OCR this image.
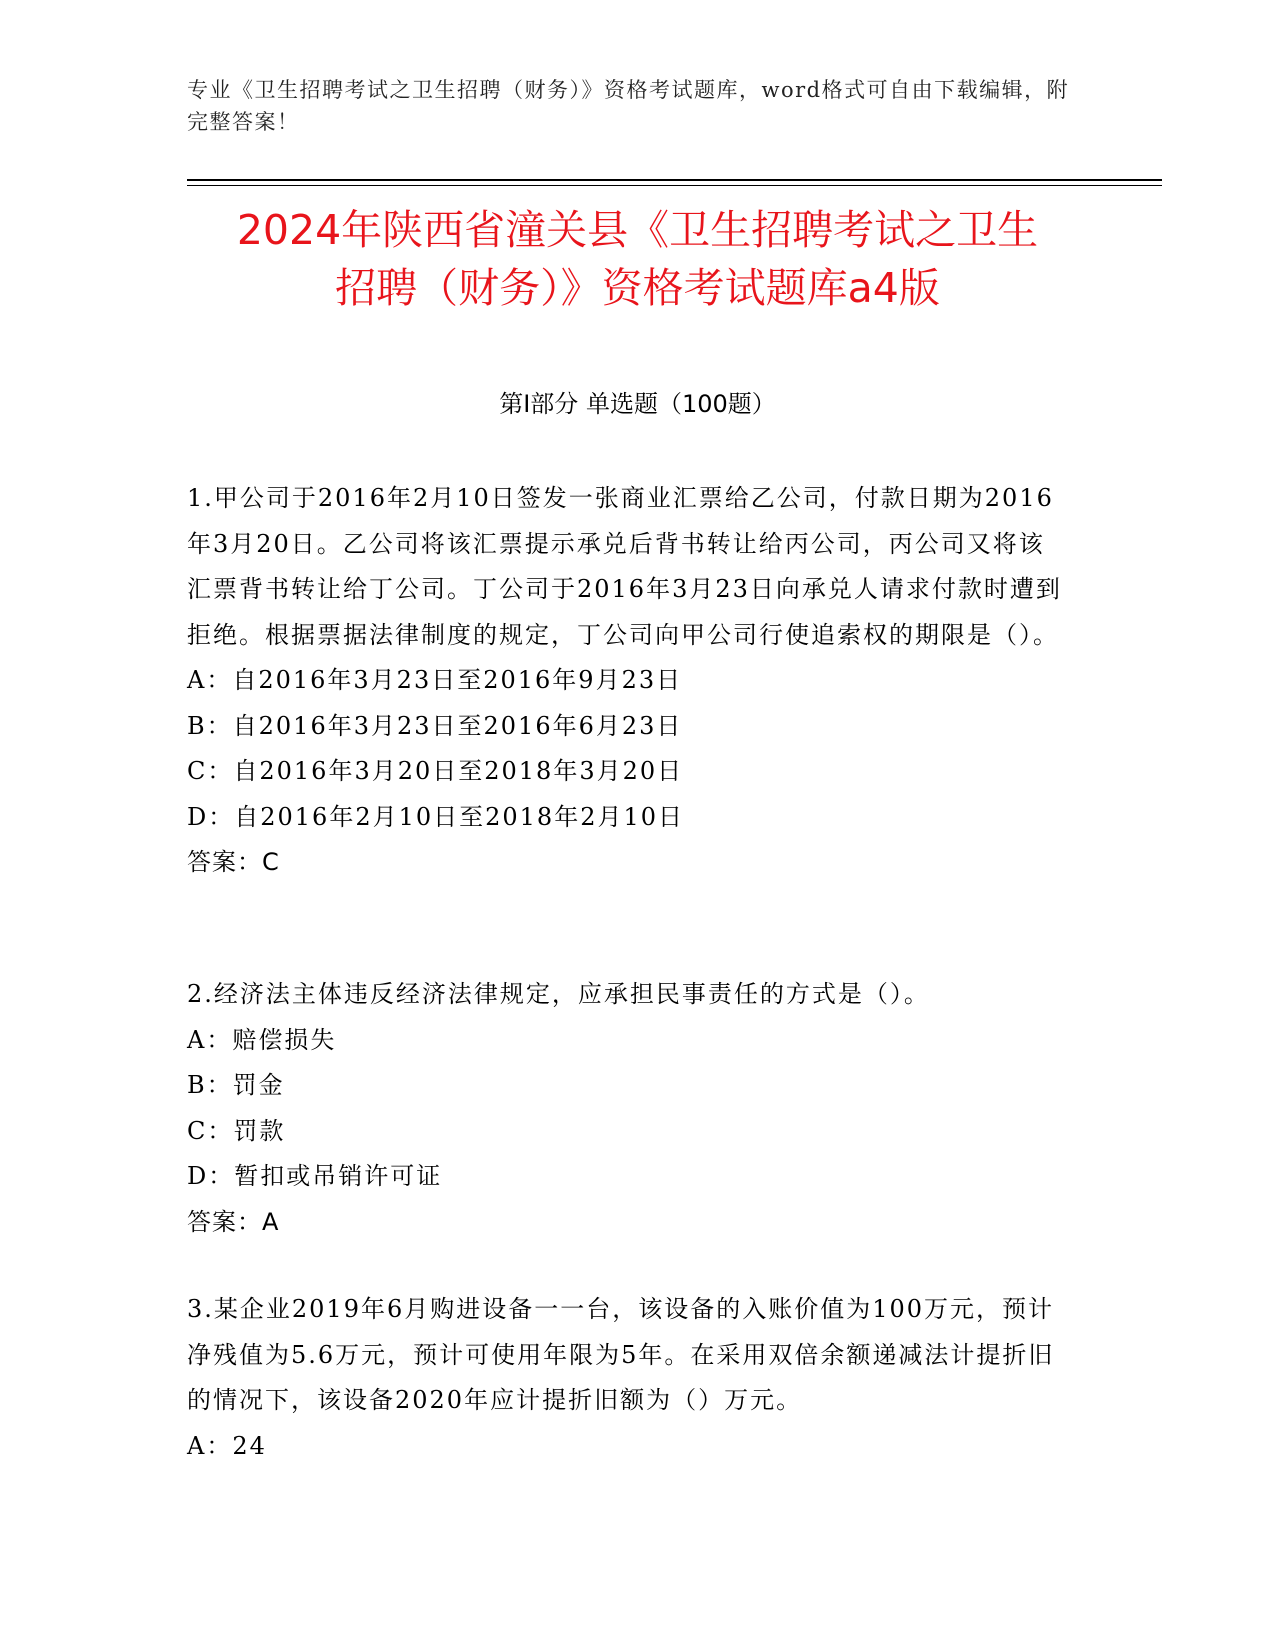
专业《卫生招聘考试之卫生招聘（财务）》资格考试题库，word格式可自由下载编辑，附完整答案！
2024年陕西省潼关县《卫生招聘考试之卫生
招聘（财务）》资格考试题库a4版
第Ⅰ部分 单选题（100题）

1.甲公司于2016年2月10日签发一张商业汇票给乙公司，付款日期为2016年3月20日。乙公司将该汇票提示承兑后背书转让给丙公司，丙公司又将该汇票背书转让给丁公司。丁公司于2016年3月23日向承兑人请求付款时遭到拒绝。根据票据法律制度的规定，丁公司向甲公司行使追索权的期限是（）。

A：自2016年3月23日至2016年9月23日

B：自2016年3月23日至2016年6月23日

C：自2016年3月20日至2018年3月20日

D：自2016年2月10日至2018年2月10日

答案：C

2.经济法主体违反经济法律规定，应承担民事责任的方式是（）。

A：赔偿损失

B：罚金

C：罚款

D：暂扣或吊销许可证

答案：A

3.某企业2019年6月购进设备一一台，该设备的入账价值为100万元，预计净残值为5.6万元，预计可使用年限为5年。在采用双倍余额递减法计提折旧的情况下，该设备2020年应计提折旧额为（）万元。

A：24
